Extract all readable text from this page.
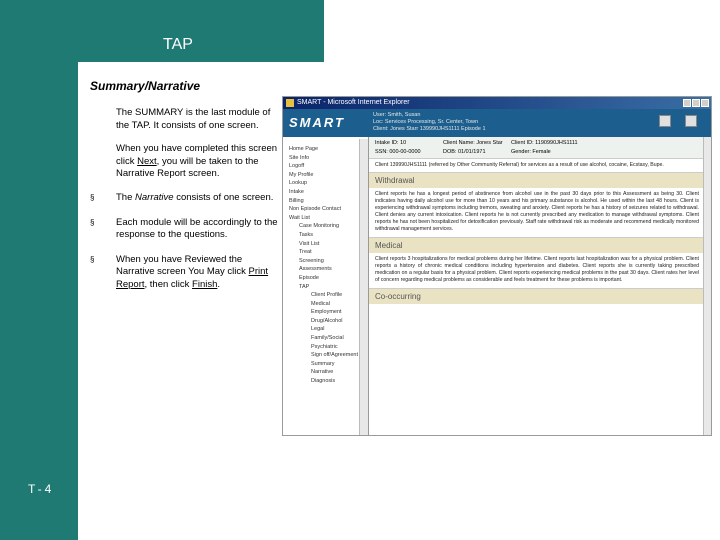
TAP
T-4
Summary/Narrative
The SUMMARY is the last module of the TAP. It consists of one screen.
When you have completed this screen click Next, you will be taken to the Narrative Report screen.
§ The Narrative consists of one screen.
§ Each module will be accordingly to the response to the questions.
§ When you have Reviewed the Narrative screen You May click Print Report, then click Finish.
SMART - Microsoft Internet Explorer
SMART	User: Smith, Susan
Loc: Services Processing, Sr. Center, Town
Client: Jones Starr 139990JHS1111 Episode 1
Home Page
Site Info
Logoff
My Profile
Lookup
Intake
Billing
Non Episode Contact
Wait List
Case Monitoring
Tasks
Visit List
Treat
Screening
Assessments
Episode
TAP
Client Profile
Medical
Employment
Drug/Alcohol
Legal
Family/Social
Psychiatric
Sign off/Agreement
Summary
Narrative
Diagnosis
Intake ID: 10	Client Name: Jones Star Client ID: 1190990JHS1111
SSN: 000-00-0000	DOB: 01/01/1971	Gender: Female
Client 139990JHS1111 (referred by Other Community Referral) for services as a result of use alcohol, cocaine, Ecstasy, Bupe.
Withdrawal
Client reports he has a longest period of abstinence from alcohol use in the past 30 days prior to this Assessment as being 30. Client indicates having daily alcohol use for more than 10 years and his primary substance is alcohol. He used within the last 48 hours. Client is experiencing withdrawal symptoms including tremors, sweating and anxiety. Client reports he has a history of seizures related to withdrawal. Client denies any current intoxication. Client reports he is not currently prescribed any medication to manage withdrawal symptoms. Client reports he has not been hospitalized for detoxification previously. Staff rate withdrawal risk as moderate and recommend medically monitored withdrawal management services.
Medical
Client reports 3 hospitalizations for medical problems during her lifetime. Client reports last hospitalization was for a physical problem. Client reports a history of chronic medical conditions including hypertension and diabetes. Client reports she is currently taking prescribed medication on a regular basis for a physical problem. Client reports experiencing medical problems in the past 30 days. Client rates her level of concern regarding medical problems as considerable and feels treatment for these problems is important.
Co-occurring
